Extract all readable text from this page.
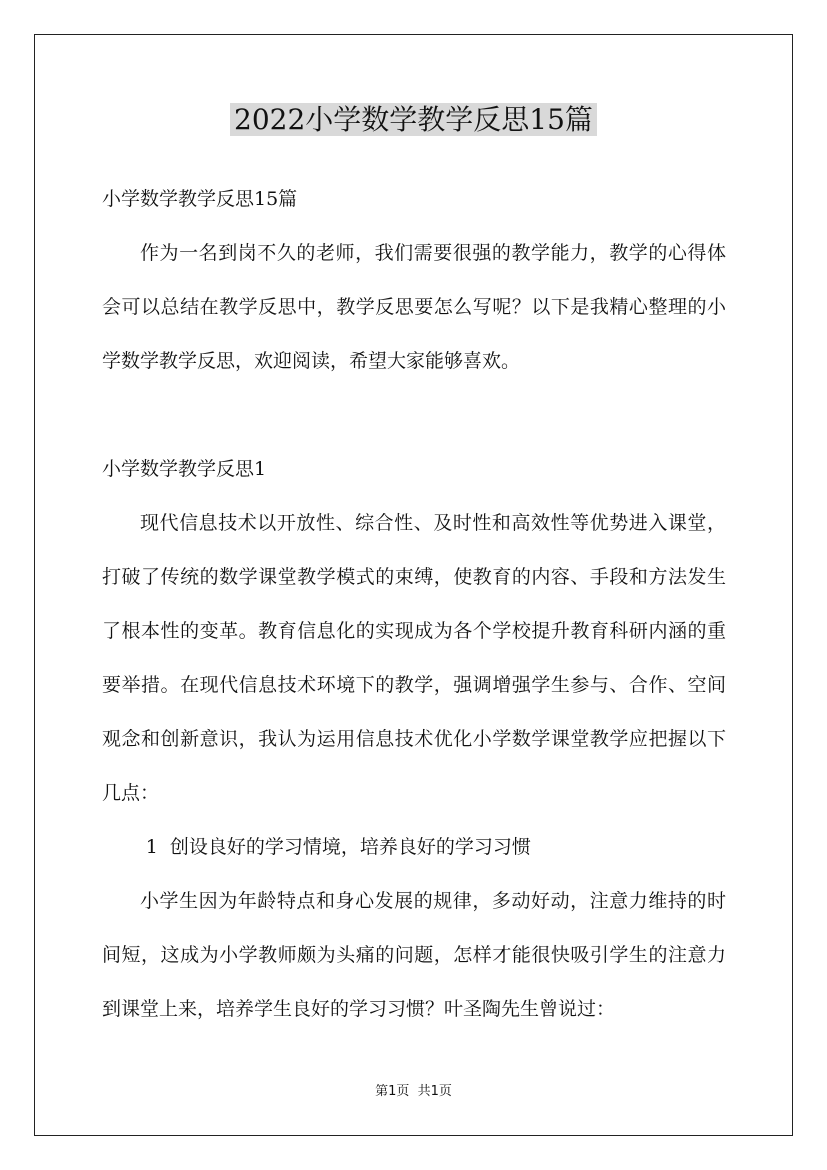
2022小学数学教学反思15篇

小学数学教学反思15篇

作为一名到岗不久的老师，我们需要很强的教学能力，教学的心得体会可以总结在教学反思中，教学反思要怎么写呢？以下是我精心整理的小学数学教学反思，欢迎阅读，希望大家能够喜欢。

小学数学教学反思1

现代信息技术以开放性、综合性、及时性和高效性等优势进入课堂，打破了传统的数学课堂教学模式的束缚，使教育的内容、手段和方法发生了根本性的变革。教育信息化的实现成为各个学校提升教育科研内涵的重要举措。在现代信息技术环境下的教学，强调增强学生参与、合作、空间观念和创新意识，我认为运用信息技术优化小学数学课堂教学应把握以下几点：

1  创设良好的学习情境，培养良好的学习习惯

小学生因为年龄特点和身心发展的规律，多动好动，注意力维持的时间短，这成为小学教师颇为头痛的问题，怎样才能很快吸引学生的注意力到课堂上来，培养学生良好的学习习惯？叶圣陶先生曾说过：

第1页  共1页
